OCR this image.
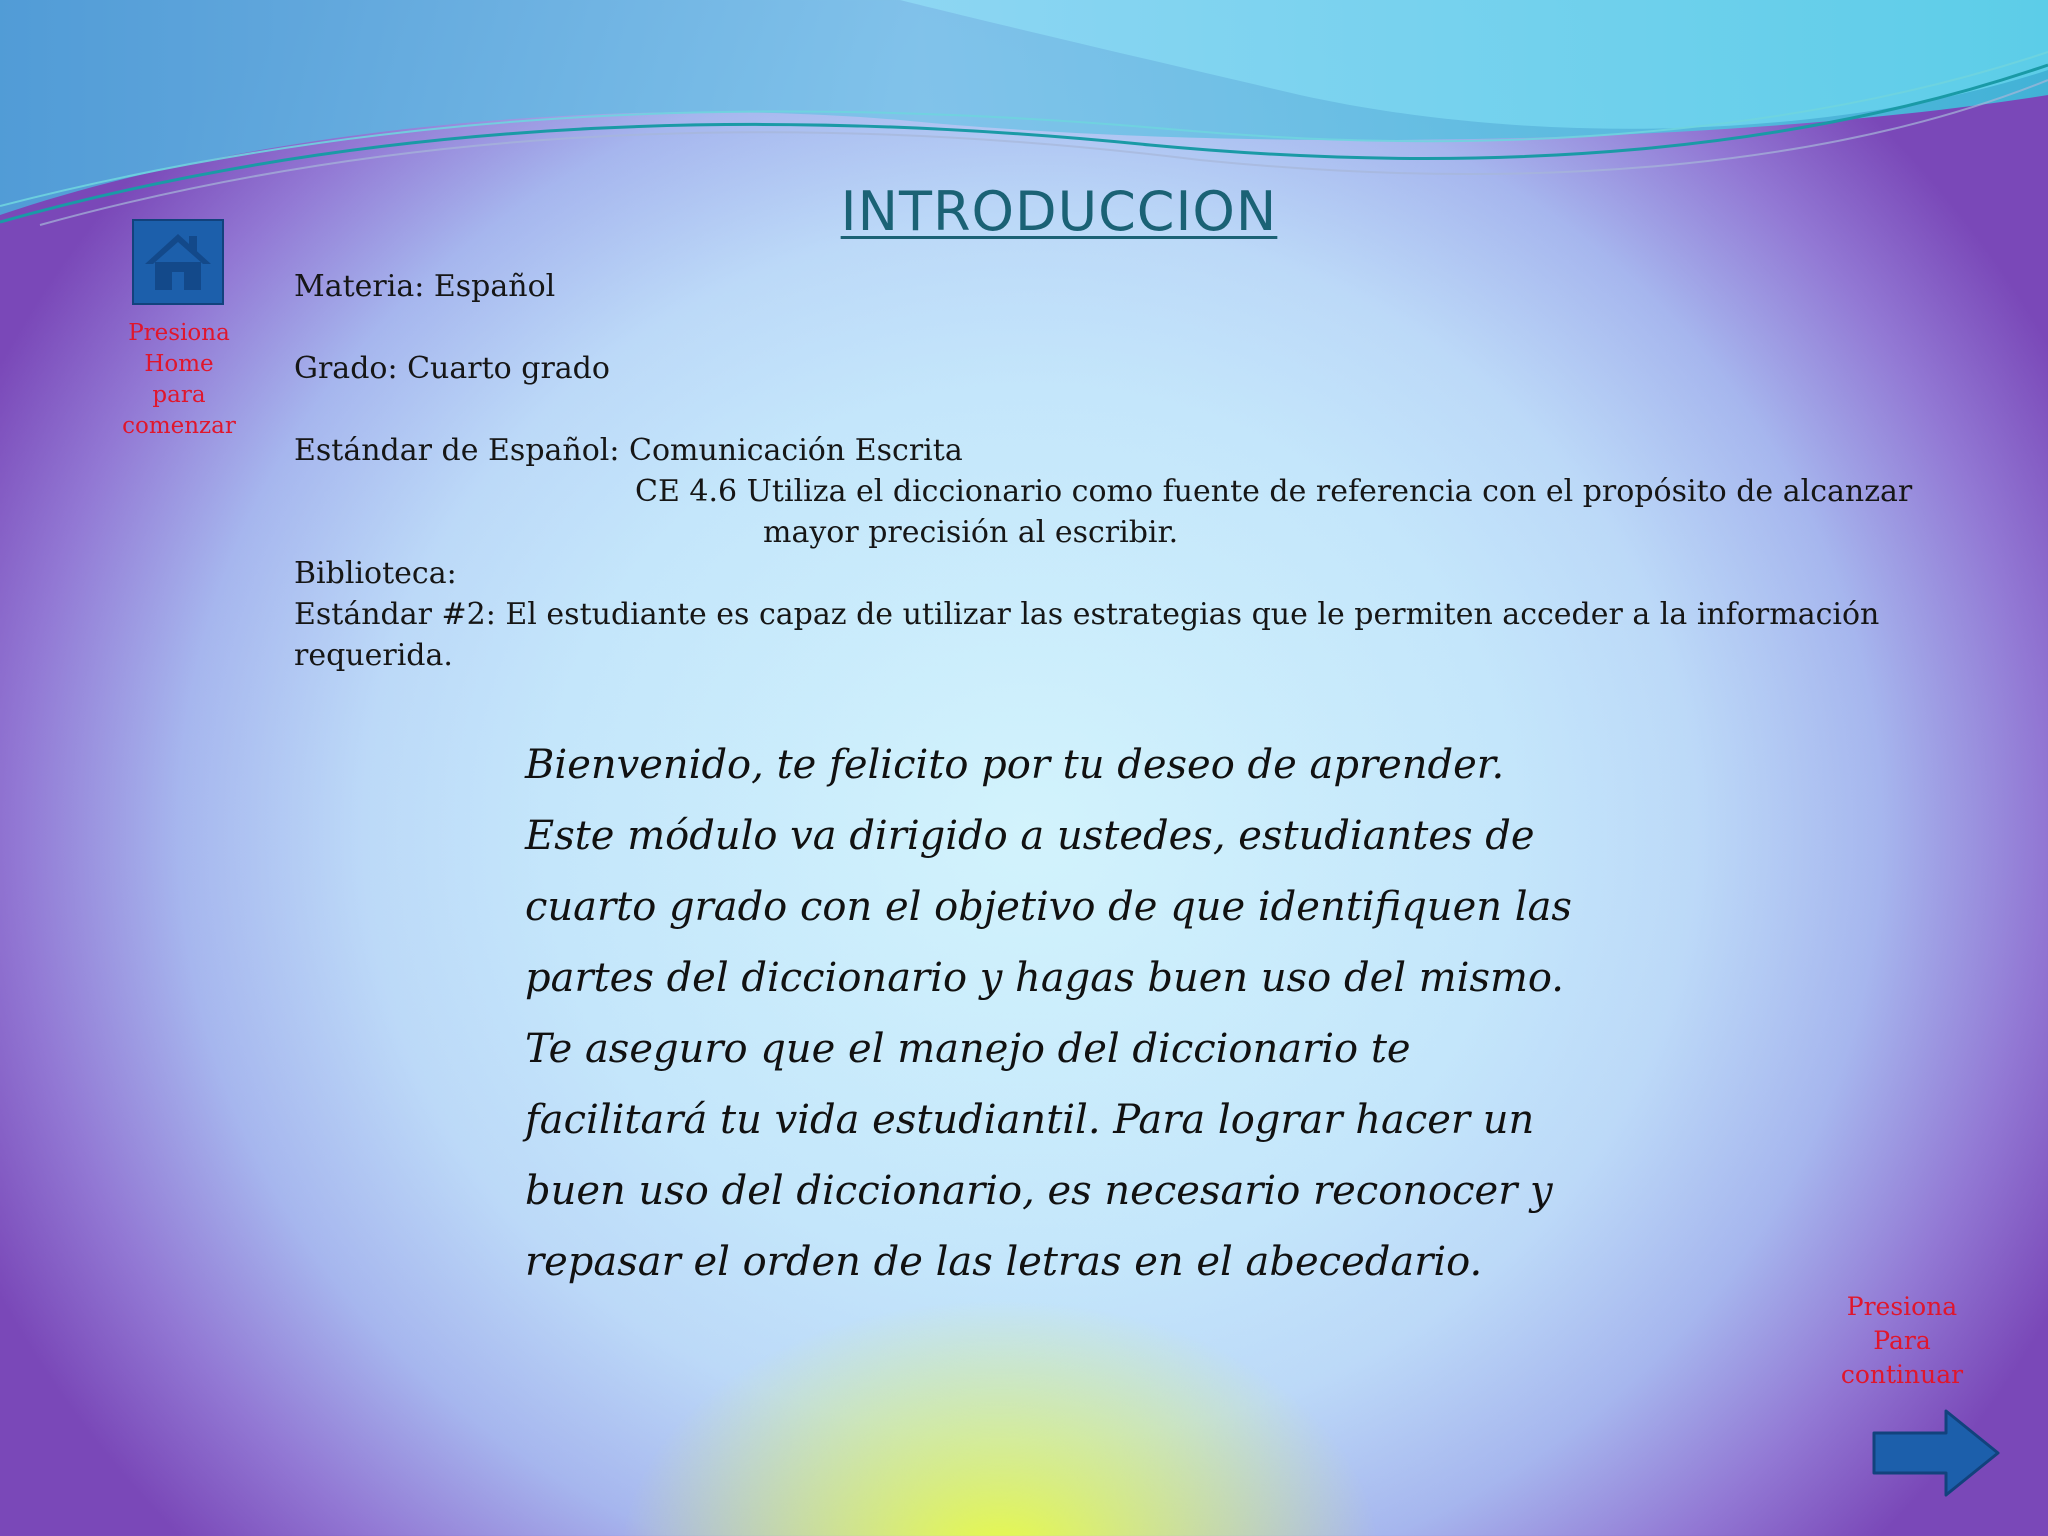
INTRODUCCION
Presiona
Home
para
comenzar
Materia: Español
Grado: Cuarto grado
Estándar de Español: Comunicación Escrita
CE 4.6 Utiliza el diccionario como fuente de referencia con el propósito de alcanzar
mayor precisión al escribir.
Biblioteca:
Estándar #2: El estudiante es capaz de utilizar las estrategias que le permiten acceder a la información
requerida.
Bienvenido, te felicito por tu deseo de aprender.
Este módulo va dirigido a ustedes, estudiantes de
cuarto grado con el objetivo de que identifiquen las
partes del diccionario y hagas buen uso del mismo.
Te aseguro que el manejo del diccionario te
facilitará tu vida estudiantil. Para lograr hacer un
buen uso del diccionario, es necesario reconocer y
repasar el orden de las letras en el abecedario.
Presiona
Para
continuar
